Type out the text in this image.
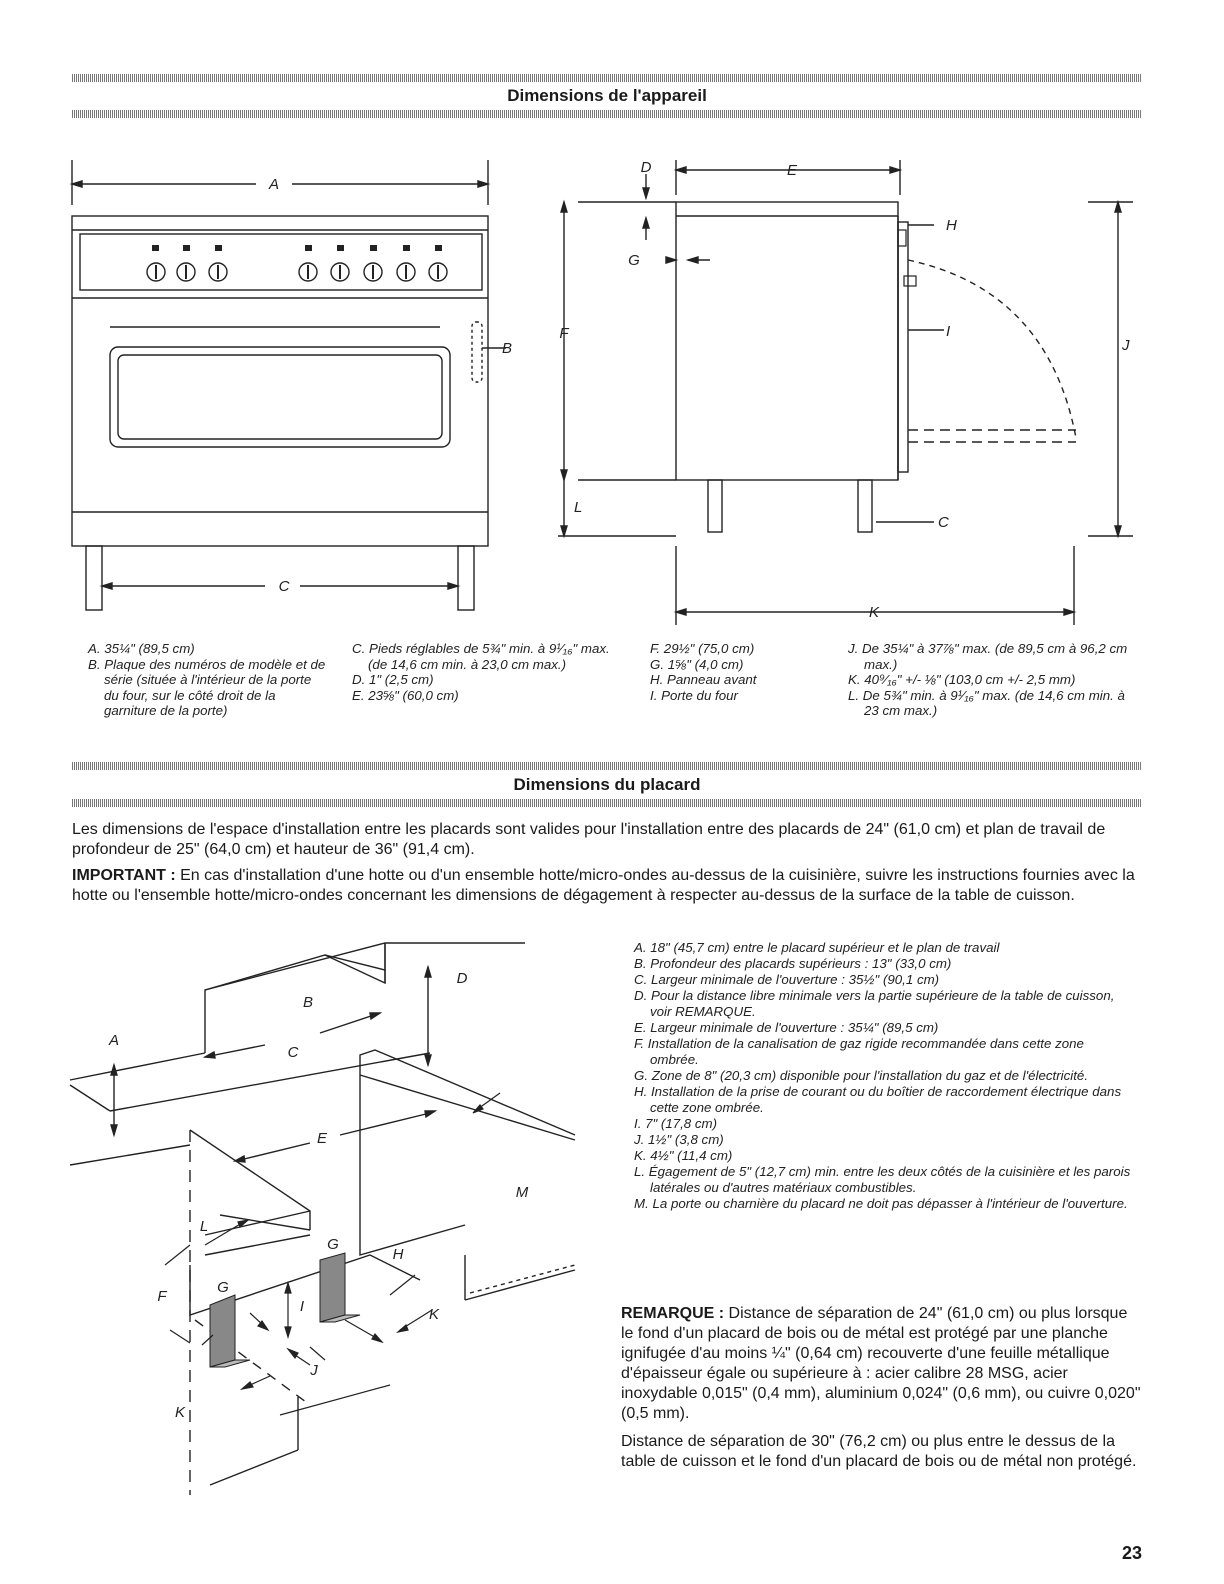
Dimensions de l'appareil
A
B
C
D	E
F
G
H
I
J
K
L
C
A. 35¼" (89,5 cm)
B. Plaque des numéros de modèle et de série (située à l'intérieur de la porte du four, sur le côté droit de la garniture de la porte)
C. Pieds réglables de 5¾" min. à 9¹⁄₁₆" max. (de 14,6 cm min. à 23,0 cm max.)
D. 1" (2,5 cm)
E. 23⅝" (60,0 cm)
F. 29½" (75,0 cm)
G. 1⅝" (4,0 cm)
H. Panneau avant
I. Porte du four
J. De 35¼" à 37⅞" max. (de 89,5 cm à 96,2 cm max.)
K. 40⁹⁄₁₆" +/- ⅛" (103,0 cm +/- 2,5 mm)
L. De 5¾" min. à 9¹⁄₁₆" max. (de 14,6 cm min. à 23 cm max.)
Dimensions du placard

Les dimensions de l'espace d'installation entre les placards sont valides pour l'installation entre des placards de 24" (61,0 cm) et plan de travail de profondeur de 25" (64,0 cm) et hauteur de 36" (91,4 cm).

IMPORTANT : En cas d'installation d'une hotte ou d'un ensemble hotte/micro-ondes au-dessus de la cuisinière, suivre les instructions fournies avec la hotte ou l'ensemble hotte/micro-ondes concernant les dimensions de dégagement à respecter au-dessus de la surface de la table de cuisson.

A
B
C
D
E
F
G
G
H
I
J
K
K
L
M
A. 18" (45,7 cm) entre le placard supérieur et le plan de travail
B. Profondeur des placards supérieurs : 13" (33,0 cm)
C. Largeur minimale de l'ouverture : 35½" (90,1 cm)
D. Pour la distance libre minimale vers la partie supérieure de la table de cuisson, voir REMARQUE.
E. Largeur minimale de l'ouverture : 35¼" (89,5 cm)
F. Installation de la canalisation de gaz rigide recommandée dans cette zone ombrée.
G. Zone de 8" (20,3 cm) disponible pour l'installation du gaz et de l'électricité.
H. Installation de la prise de courant ou du boîtier de raccordement électrique dans cette zone ombrée.
I. 7" (17,8 cm)
J. 1½" (3,8 cm)
K. 4½" (11,4 cm)
L. Égagement de 5" (12,7 cm) min. entre les deux côtés de la cuisinière et les parois latérales ou d'autres matériaux combustibles.
M. La porte ou charnière du placard ne doit pas dépasser à l'intérieur de l'ouverture.

REMARQUE : Distance de séparation de 24" (61,0 cm) ou plus lorsque le fond d'un placard de bois ou de métal est protégé par une planche ignifugée d'au moins ¼" (0,64 cm) recouverte d'une feuille métallique d'épaisseur égale ou supérieure à : acier calibre 28 MSG, acier inoxydable 0,015" (0,4 mm), aluminium 0,024" (0,6 mm), ou cuivre 0,020" (0,5 mm).

Distance de séparation de 30" (76,2 cm) ou plus entre le dessus de la table de cuisson et le fond d'un placard de bois ou de métal non protégé.

23
